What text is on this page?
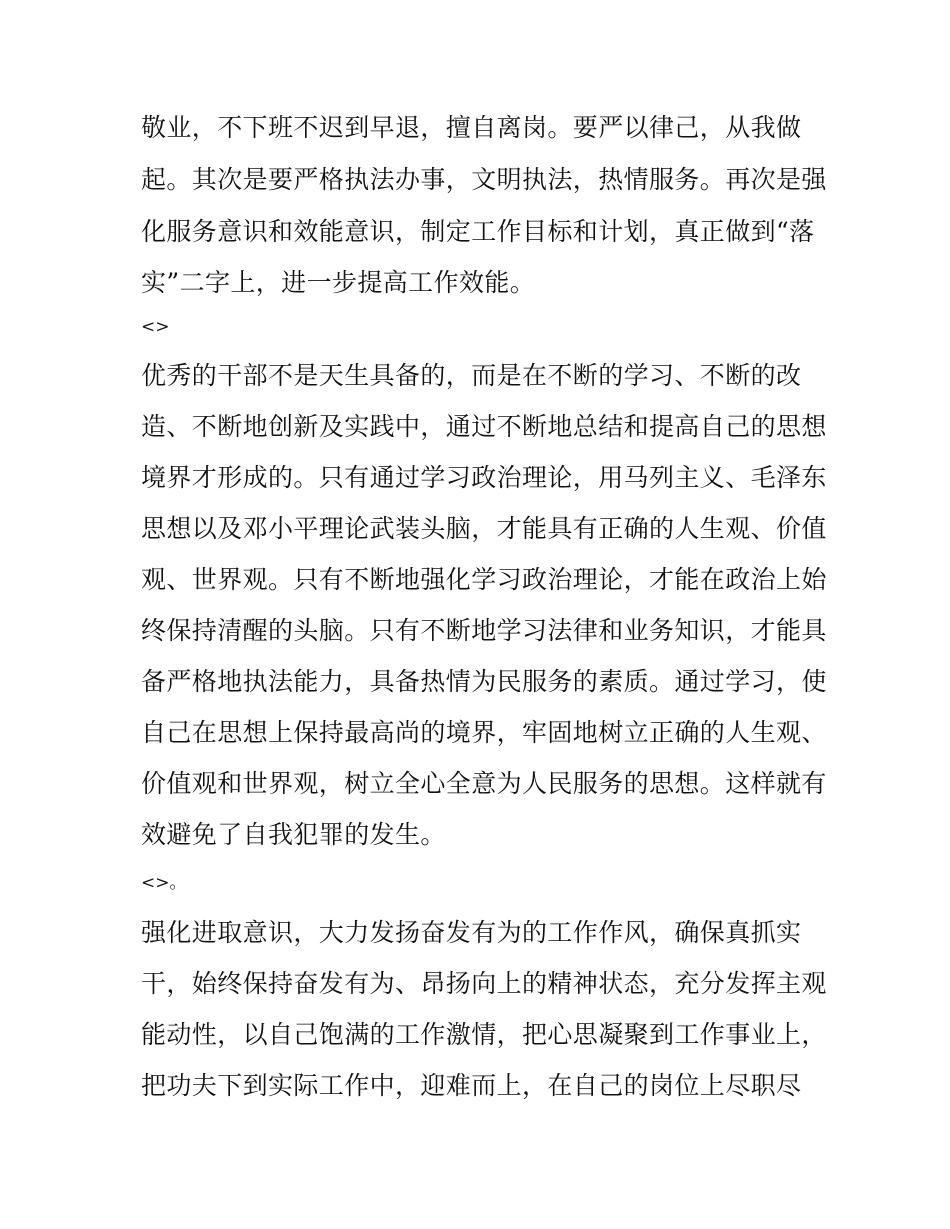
敬业，不下班不迟到早退，擅自离岗。要严以律己，从我做
起。其次是要严格执法办事，文明执法，热情服务。再次是强
化服务意识和效能意识，制定工作目标和计划，真正做到“落
实”二字上，进一步提高工作效能。
<>
优秀的干部不是天生具备的，而是在不断的学习、不断的改
造、不断地创新及实践中，通过不断地总结和提高自己的思想
境界才形成的。只有通过学习政治理论，用马列主义、毛泽东
思想以及邓小平理论武装头脑，才能具有正确的人生观、价值
观、世界观。只有不断地强化学习政治理论，才能在政治上始
终保持清醒的头脑。只有不断地学习法律和业务知识，才能具
备严格地执法能力，具备热情为民服务的素质。通过学习，使
自己在思想上保持最高尚的境界，牢固地树立正确的人生观、
价值观和世界观，树立全心全意为人民服务的思想。这样就有
效避免了自我犯罪的发生。
<>。
强化进取意识，大力发扬奋发有为的工作作风，确保真抓实
干，始终保持奋发有为、昂扬向上的精神状态，充分发挥主观
能动性，以自己饱满的工作激情，把心思凝聚到工作事业上，
把功夫下到实际工作中，迎难而上，在自己的岗位上尽职尽
